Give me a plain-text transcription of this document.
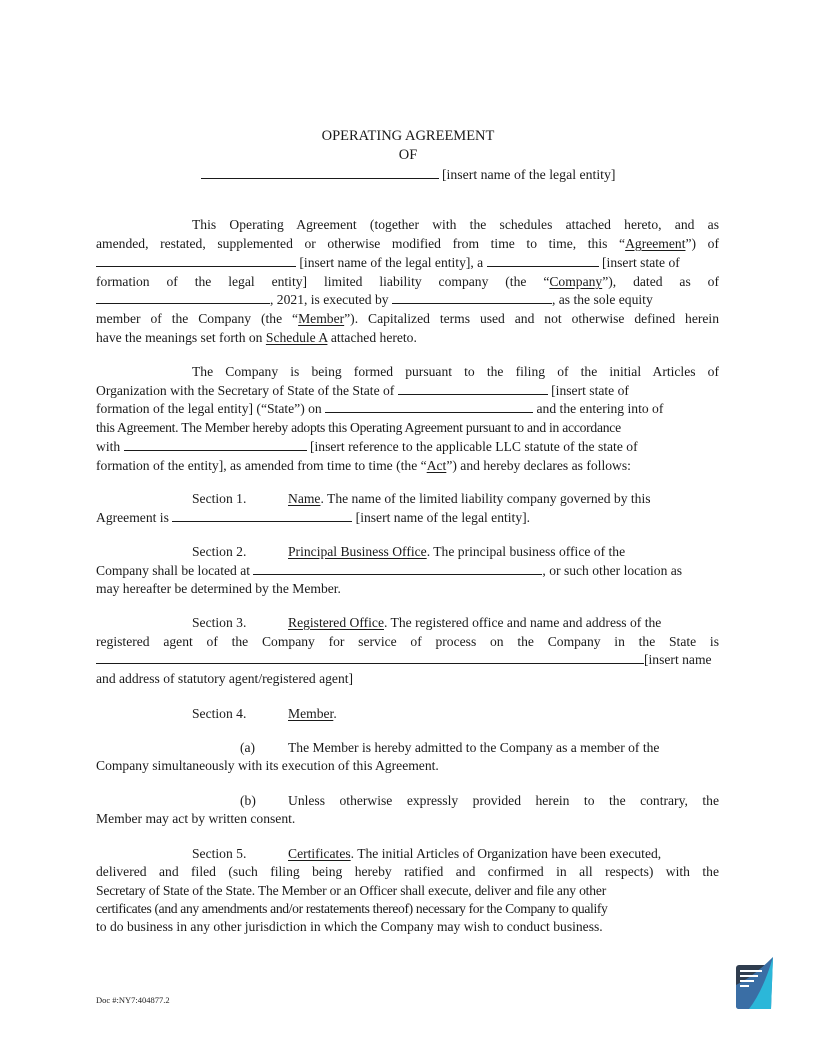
OPERATING AGREEMENT
OF
[insert name of the legal entity]
This Operating Agreement (together with the schedules attached hereto, and as
amended, restated, supplemented or otherwise modified from time to time, this “Agreement”) of
[insert name of the legal entity], a	[insert state of
formation of the legal entity] limited liability company (the “Company”), dated as of
, 2021, is executed by	, as the sole equity
member of the Company (the “Member”). Capitalized terms used and not otherwise defined herein
have the meanings set forth on Schedule A attached hereto.
The Company is being formed pursuant to the filing of the initial Articles of
Organization with the Secretary of State of the State of	[insert state of
formation of the legal entity] (“State”) on	and the entering into of
this Agreement. The Member hereby adopts this Operating Agreement pursuant to and in accordance
with	[insert reference to the applicable LLC statute of the state of
formation of the entity], as amended from time to time (the “Act”) and hereby declares as follows:
Section 1.	Name. The name of the limited liability company governed by this
Agreement is	[insert name of the legal entity].
Section 2.	Principal Business Office. The principal business office of the
Company shall be located at	, or such other location as
may hereafter be determined by the Member.
Section 3.	Registered Office. The registered office and name and address of the
registered agent of the Company for service of process on the Company in the State is
[insert name
and address of statutory agent/registered agent]
Section 4.	Member.
(a) The Member is hereby admitted to the Company as a member of the
Company simultaneously with its execution of this Agreement.
(b) Unless otherwise expressly provided herein to the contrary, the
Member may act by written consent.
Section 5.	Certificates. The initial Articles of Organization have been executed,
delivered and filed (such filing being hereby ratified and confirmed in all respects) with the
Secretary of State of the State. The Member or an Officer shall execute, deliver and file any other
certificates (and any amendments and/or restatements thereof) necessary for the Company to qualify
to do business in any other jurisdiction in which the Company may wish to conduct business.
Doc #:NY7:404877.2
